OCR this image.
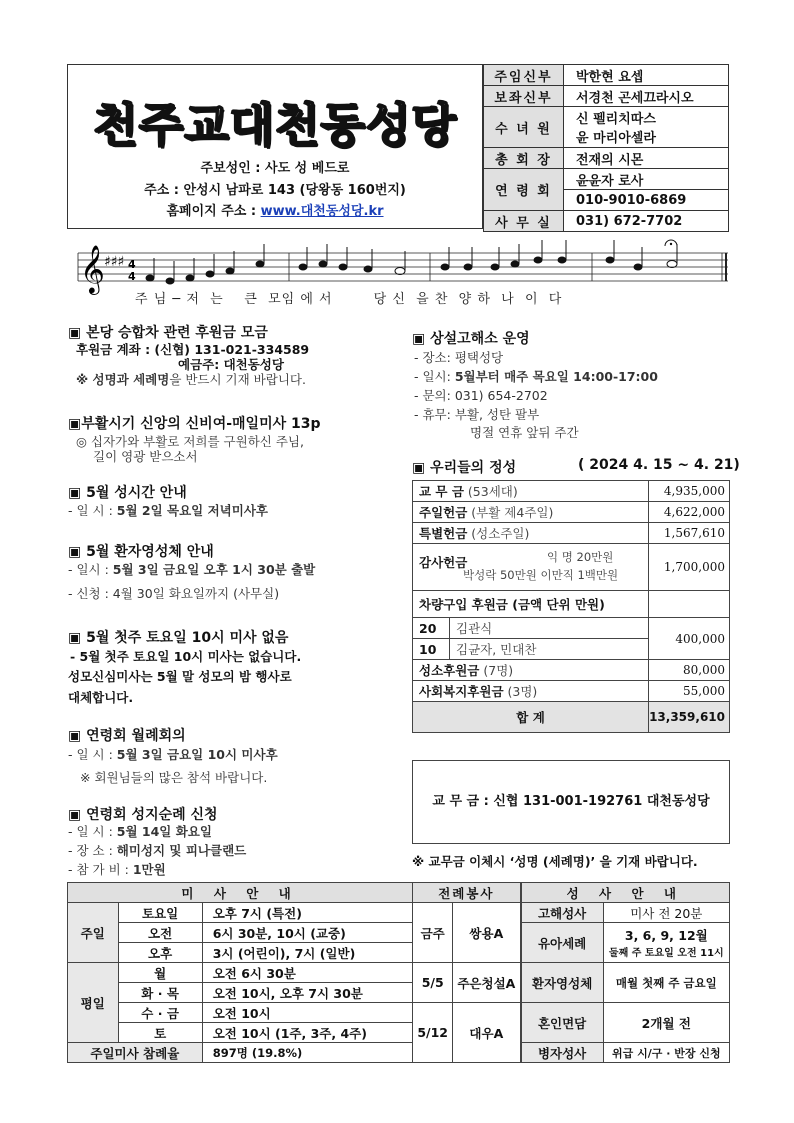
천주교대천동성당
주보성인 : 사도 성 베드로
주소 : 안성시 남파로 143 (당왕동 160번지)
홈페이지 주소 : www.대천동성당.kr
주임신부	박한현 요셉
보좌신부	서경천 곤세끄라시오
수 녀 원	신 펠리치따스
윤 마리아셀라

총 회 장	전재의 시몬
연 령 회	윤윤자 로사
	010-9010-6869
사 무 실	031) 672-7702
𝄞 ♯♯♯ 4
4
주 님 ─ 저  는    큰  모임 에 서        당 신  을 찬  양 하  나  이  다
▣ 본당 승합차 관련 후원금 모금
후원금 계좌 : (신협) 131-021-334589
예금주: 대천동성당
※ 성명과 세례명을 반드시 기재 바랍니다.
▣부활시기 신앙의 신비여-매일미사 13p
◎ 십자가와 부활로 저희를 구원하신 주님,
길이 영광 받으소서
▣ 5월 성시간 안내
- 일 시 : 5월 2일 목요일 저녁미사후
▣ 5월 환자영성체 안내
- 일시 : 5월 3일 금요일 오후 1시 30분 출발
- 신청 : 4월 30일 화요일까지 (사무실)
▣ 5월 첫주 토요일 10시 미사 없음
- 5월 첫주 토요일 10시 미사는 없습니다.
성모신심미사는 5월 말 성모의 밤 행사로
대체합니다.
▣ 연령회 월례회의
- 일 시 : 5월 3일 금요일 10시 미사후
※ 회원님들의 많은 참석 바랍니다.
▣ 연령회 성지순례 신청
- 일 시 : 5월 14일 화요일
- 장 소 : 해미성지 및 피나클랜드
- 참 가 비 : 1만원
▣ 상설고해소 운영
- 장소: 평택성당
- 일시: 5월부터 매주 목요일 14:00-17:00
- 문의: 031) 654-2702
- 휴무: 부활, 성탄 팔부
명절 연휴 앞뒤 주간
▣ 우리들의 정성	( 2024 4. 15 ~ 4. 21)
교 무 금 (53세대)		4,935,000
주일헌금 (부활 제4주일)		4,622,000
특별헌금 (성소주일)		1,567,610

감사헌금 익 명 20만원
박성락 50만원 이만직 1백만원		1,700,000
차량구입 후원금 (금액 단위 만원)		
20	김관식	400,000
10	김균자, 민대찬	
성소후원금 (7명)		80,000
사회복지후원금 (3명)		55,000
합 계		13,359,610
교 무 금 : 신협 131-001-192761 대천동성당
※ 교무금 이체시 ‘성명 (세례명)’ 을 기재 바랍니다.
미 사 안 내			전례봉사		성 사 안 내	
주일	토요일	오후 7시 (특전)	금주	쌍용A		고해성사	미사 전 20분
	오전	6시 30분, 10시 (교중)			유아세례	3, 6, 9, 12월
둘째 주 토요일 오전 11시

	오후	3시 (어린이), 7시 (일반)				
평일	월	오전 6시 30분	5/5	주은청설A	환자영성체	매월 첫째 주 금요일
	화 · 목	오전 10시, 오후 7시 30분				
	수 · 금	오전 10시	5/12	대우A	혼인면담	2개월 전
	토	오전 10시 (1주, 3주, 4주)				
주일미사 참례율		897명 (19.8%)			병자성사	위급 시/구 · 반장 신청
